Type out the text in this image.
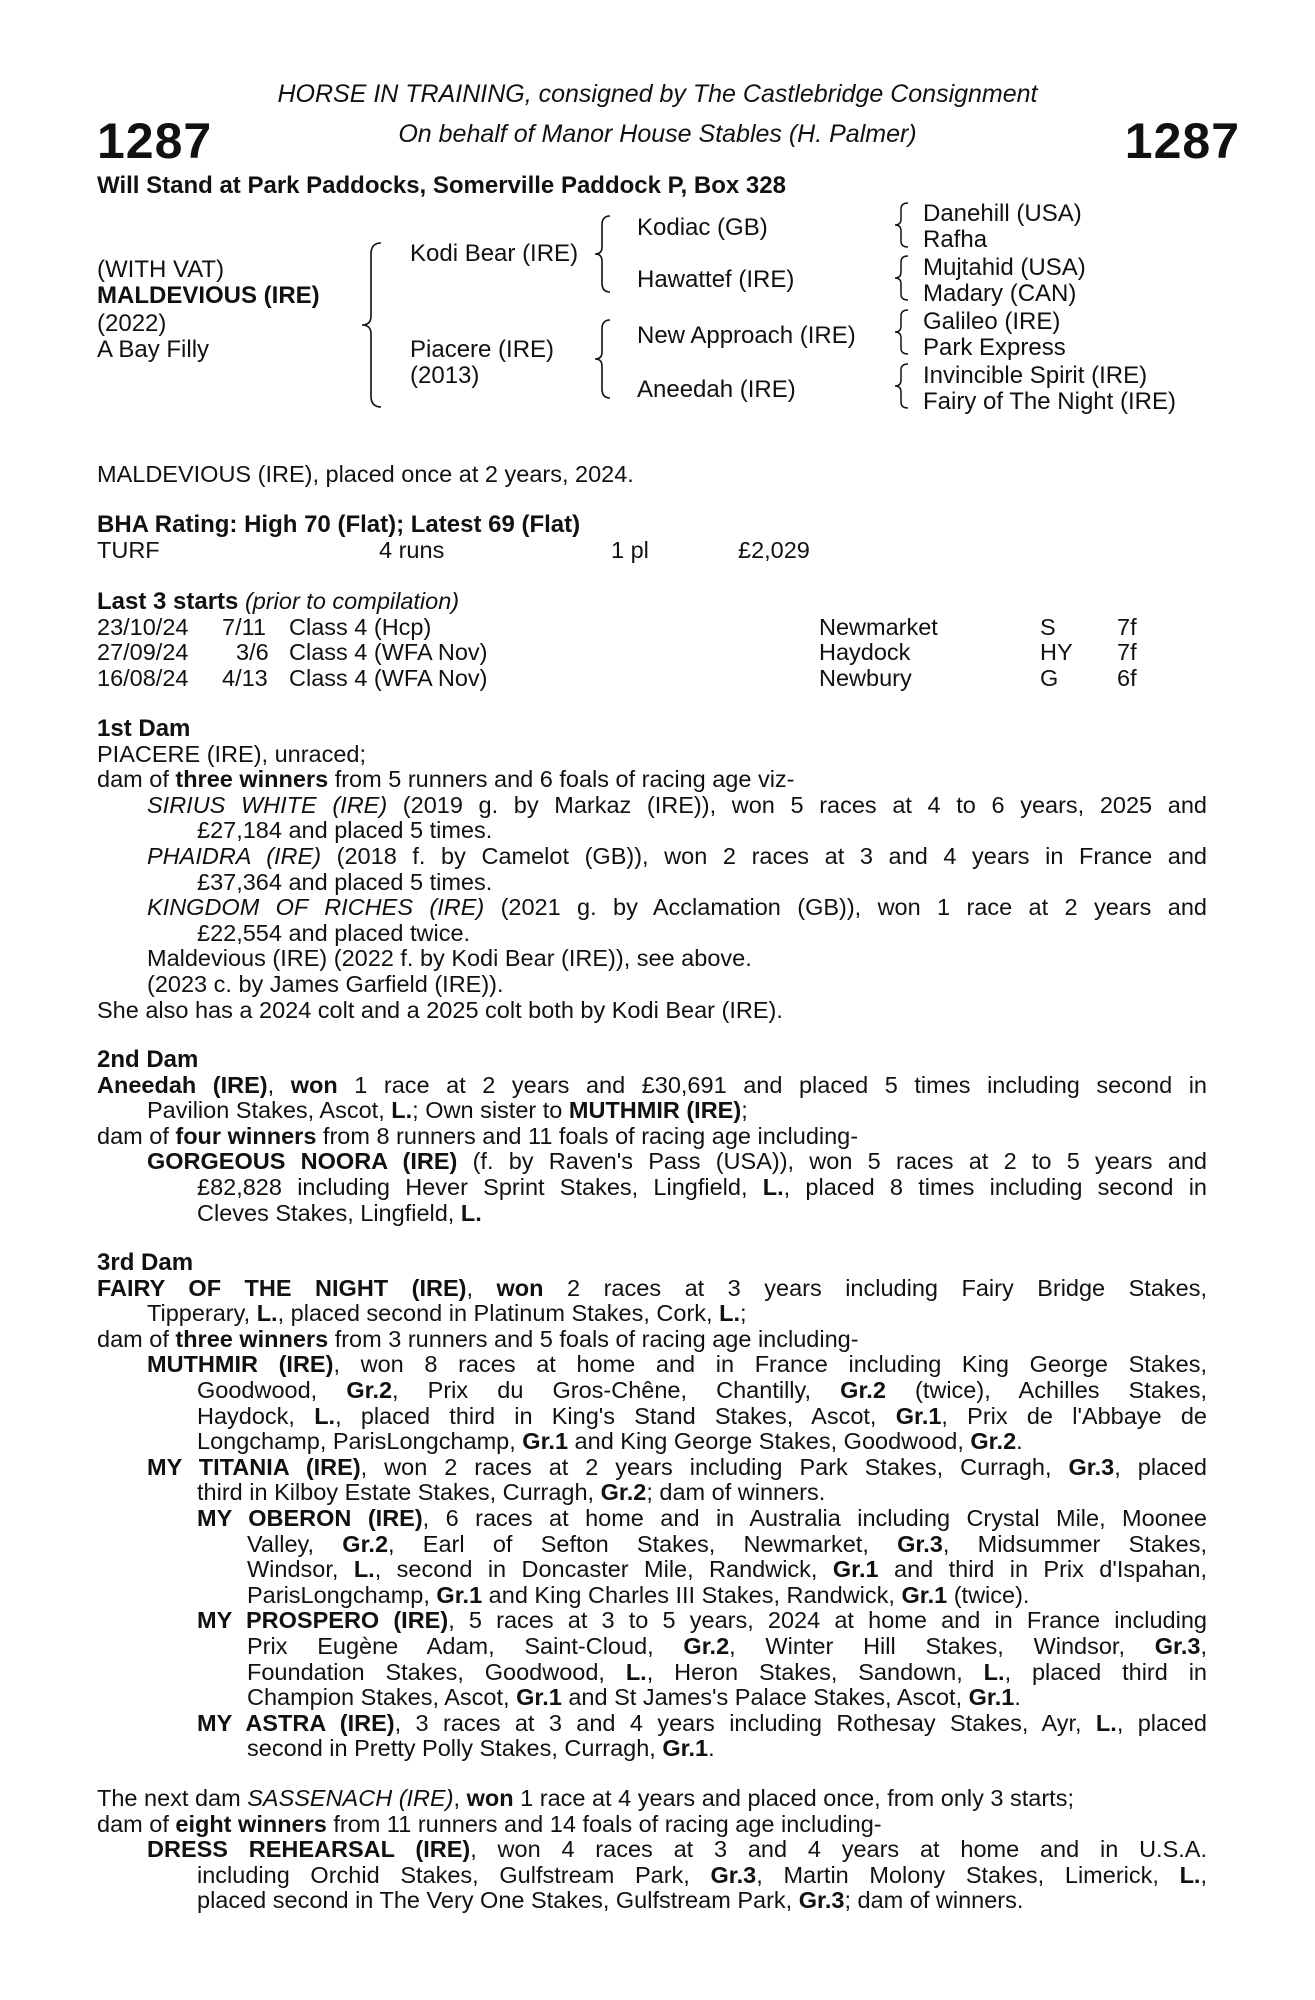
1287	1287
HORSE IN TRAINING, consigned by The Castlebridge Consignment
On behalf of Manor House Stables (H. Palmer)
Will Stand at Park Paddocks, Somerville Paddock P, Box 328
(WITH VAT)
MALDEVIOUS (IRE)
(2022)
A Bay Filly
Kodi Bear (IRE)
Piacere (IRE)
(2013)
Kodiac (GB)
Hawattef (IRE)
New Approach (IRE)
Aneedah (IRE)
Danehill (USA)
Rafha
Mujtahid (USA)
Madary (CAN)
Galileo (IRE)
Park Express
Invincible Spirit (IRE)
Fairy of The Night (IRE)
MALDEVIOUS (IRE), placed once at 2 years, 2024.
BHA Rating: High 70 (Flat); Latest 69 (Flat)
TURF	4 runs	1 pl	£2,029
Last 3 starts (prior to compilation)
23/10/24 7/11 Class 4 (Hcp)	Newmarket	S	7f
27/09/24 3/6 Class 4 (WFA Nov)	Haydock	HY 7f
16/08/24 4/13 Class 4 (WFA Nov)	Newbury	G 6f
1st Dam
PIACERE (IRE), unraced;
dam of three winners from 5 runners and 6 foals of racing age viz-
SIRIUS WHITE (IRE) (2019 g. by Markaz (IRE)), won 5 races at 4 to 6 years, 2025 and
£27,184 and placed 5 times.
PHAIDRA (IRE) (2018 f. by Camelot (GB)), won 2 races at 3 and 4 years in France and
£37,364 and placed 5 times.
KINGDOM OF RICHES (IRE) (2021 g. by Acclamation (GB)), won 1 race at 2 years and
£22,554 and placed twice.
Maldevious (IRE) (2022 f. by Kodi Bear (IRE)), see above.
(2023 c. by James Garfield (IRE)).
She also has a 2024 colt and a 2025 colt both by Kodi Bear (IRE).
2nd Dam
Aneedah (IRE), won 1 race at 2 years and £30,691 and placed 5 times including second in
Pavilion Stakes, Ascot, L.; Own sister to MUTHMIR (IRE);
dam of four winners from 8 runners and 11 foals of racing age including-
GORGEOUS NOORA (IRE) (f. by Raven's Pass (USA)), won 5 races at 2 to 5 years and
£82,828 including Hever Sprint Stakes, Lingfield, L., placed 8 times including second in
Cleves Stakes, Lingfield, L.
3rd Dam
FAIRY OF THE NIGHT (IRE), won 2 races at 3 years including Fairy Bridge Stakes,
Tipperary, L., placed second in Platinum Stakes, Cork, L.;
dam of three winners from 3 runners and 5 foals of racing age including-
MUTHMIR (IRE), won 8 races at home and in France including King George Stakes,
Goodwood, Gr.2, Prix du Gros-Chêne, Chantilly, Gr.2 (twice), Achilles Stakes,
Haydock, L., placed third in King's Stand Stakes, Ascot, Gr.1, Prix de l'Abbaye de
Longchamp, ParisLongchamp, Gr.1 and King George Stakes, Goodwood, Gr.2.
MY TITANIA (IRE), won 2 races at 2 years including Park Stakes, Curragh, Gr.3, placed
third in Kilboy Estate Stakes, Curragh, Gr.2; dam of winners.
MY OBERON (IRE), 6 races at home and in Australia including Crystal Mile, Moonee
Valley, Gr.2, Earl of Sefton Stakes, Newmarket, Gr.3, Midsummer Stakes,
Windsor, L., second in Doncaster Mile, Randwick, Gr.1 and third in Prix d'Ispahan,
ParisLongchamp, Gr.1 and King Charles III Stakes, Randwick, Gr.1 (twice).
MY PROSPERO (IRE), 5 races at 3 to 5 years, 2024 at home and in France including
Prix Eugène Adam, Saint-Cloud, Gr.2, Winter Hill Stakes, Windsor, Gr.3,
Foundation Stakes, Goodwood, L., Heron Stakes, Sandown, L., placed third in
Champion Stakes, Ascot, Gr.1 and St James's Palace Stakes, Ascot, Gr.1.
MY ASTRA (IRE), 3 races at 3 and 4 years including Rothesay Stakes, Ayr, L., placed
second in Pretty Polly Stakes, Curragh, Gr.1.
The next dam SASSENACH (IRE), won 1 race at 4 years and placed once, from only 3 starts;
dam of eight winners from 11 runners and 14 foals of racing age including-
DRESS REHEARSAL (IRE), won 4 races at 3 and 4 years at home and in U.S.A.
including Orchid Stakes, Gulfstream Park, Gr.3, Martin Molony Stakes, Limerick, L.,
placed second in The Very One Stakes, Gulfstream Park, Gr.3; dam of winners.
